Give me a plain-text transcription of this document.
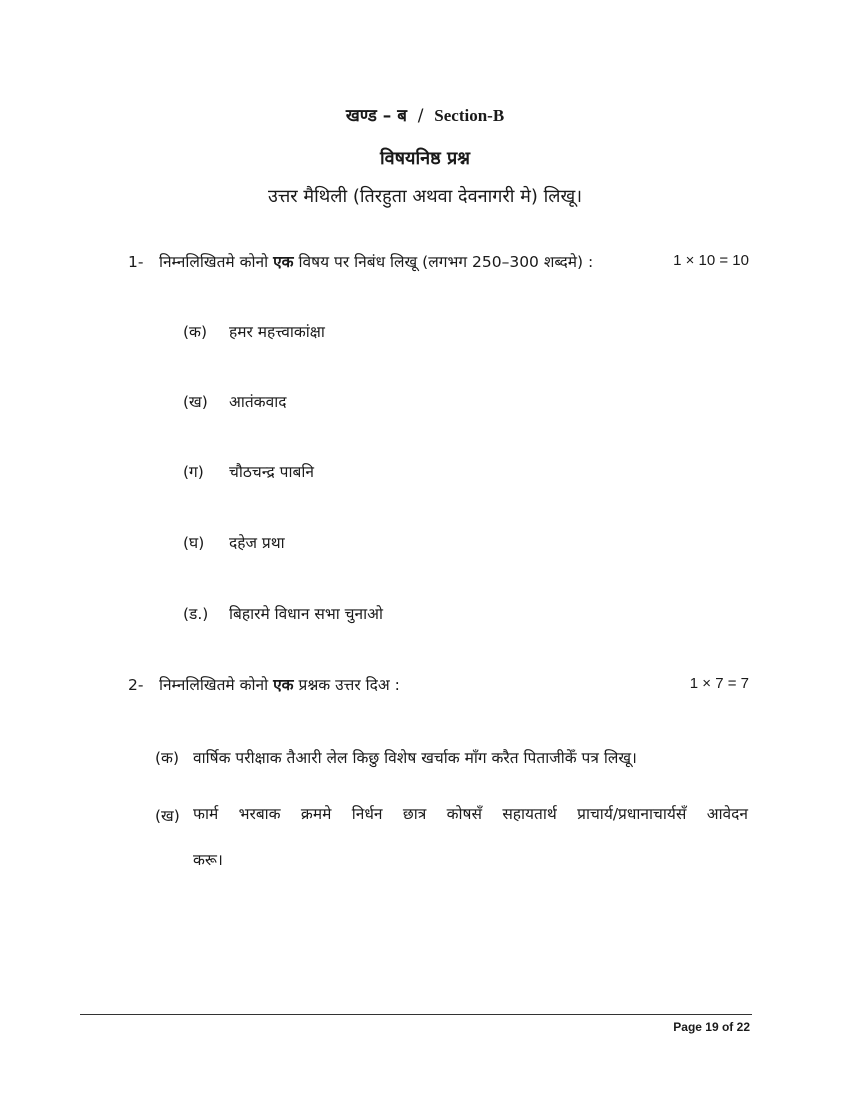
खण्ड – ब / Section-B
विषयनिष्ठ प्रश्न
उत्तर मैथिली (तिरहुता अथवा देवनागरी मे) लिखू।
1- निम्नलिखितमे कोनो एक विषय पर निबंध लिखू (लगभग 250–300 शब्दमे) :	1 × 10 = 10
(क) हमर महत्त्वाकांक्षा
(ख) आतंकवाद
(ग) चौठचन्द्र पाबनि
(घ) दहेज प्रथा
(ड.) बिहारमे विधान सभा चुनाओ
2- निम्नलिखितमे कोनो एक प्रश्नक उत्तर दिअ :	1 × 7 = 7
(क) वार्षिक परीक्षाक तैआरी लेल किछु विशेष खर्चाक माँग करैत पिताजीकेँ पत्र लिखू।
(ख) फार्म भरबाक क्रममे निर्धन छात्र कोषसँ सहायतार्थ प्राचार्य/प्रधानाचार्यसँ आवेदन
करू।
Page 19 of 22
